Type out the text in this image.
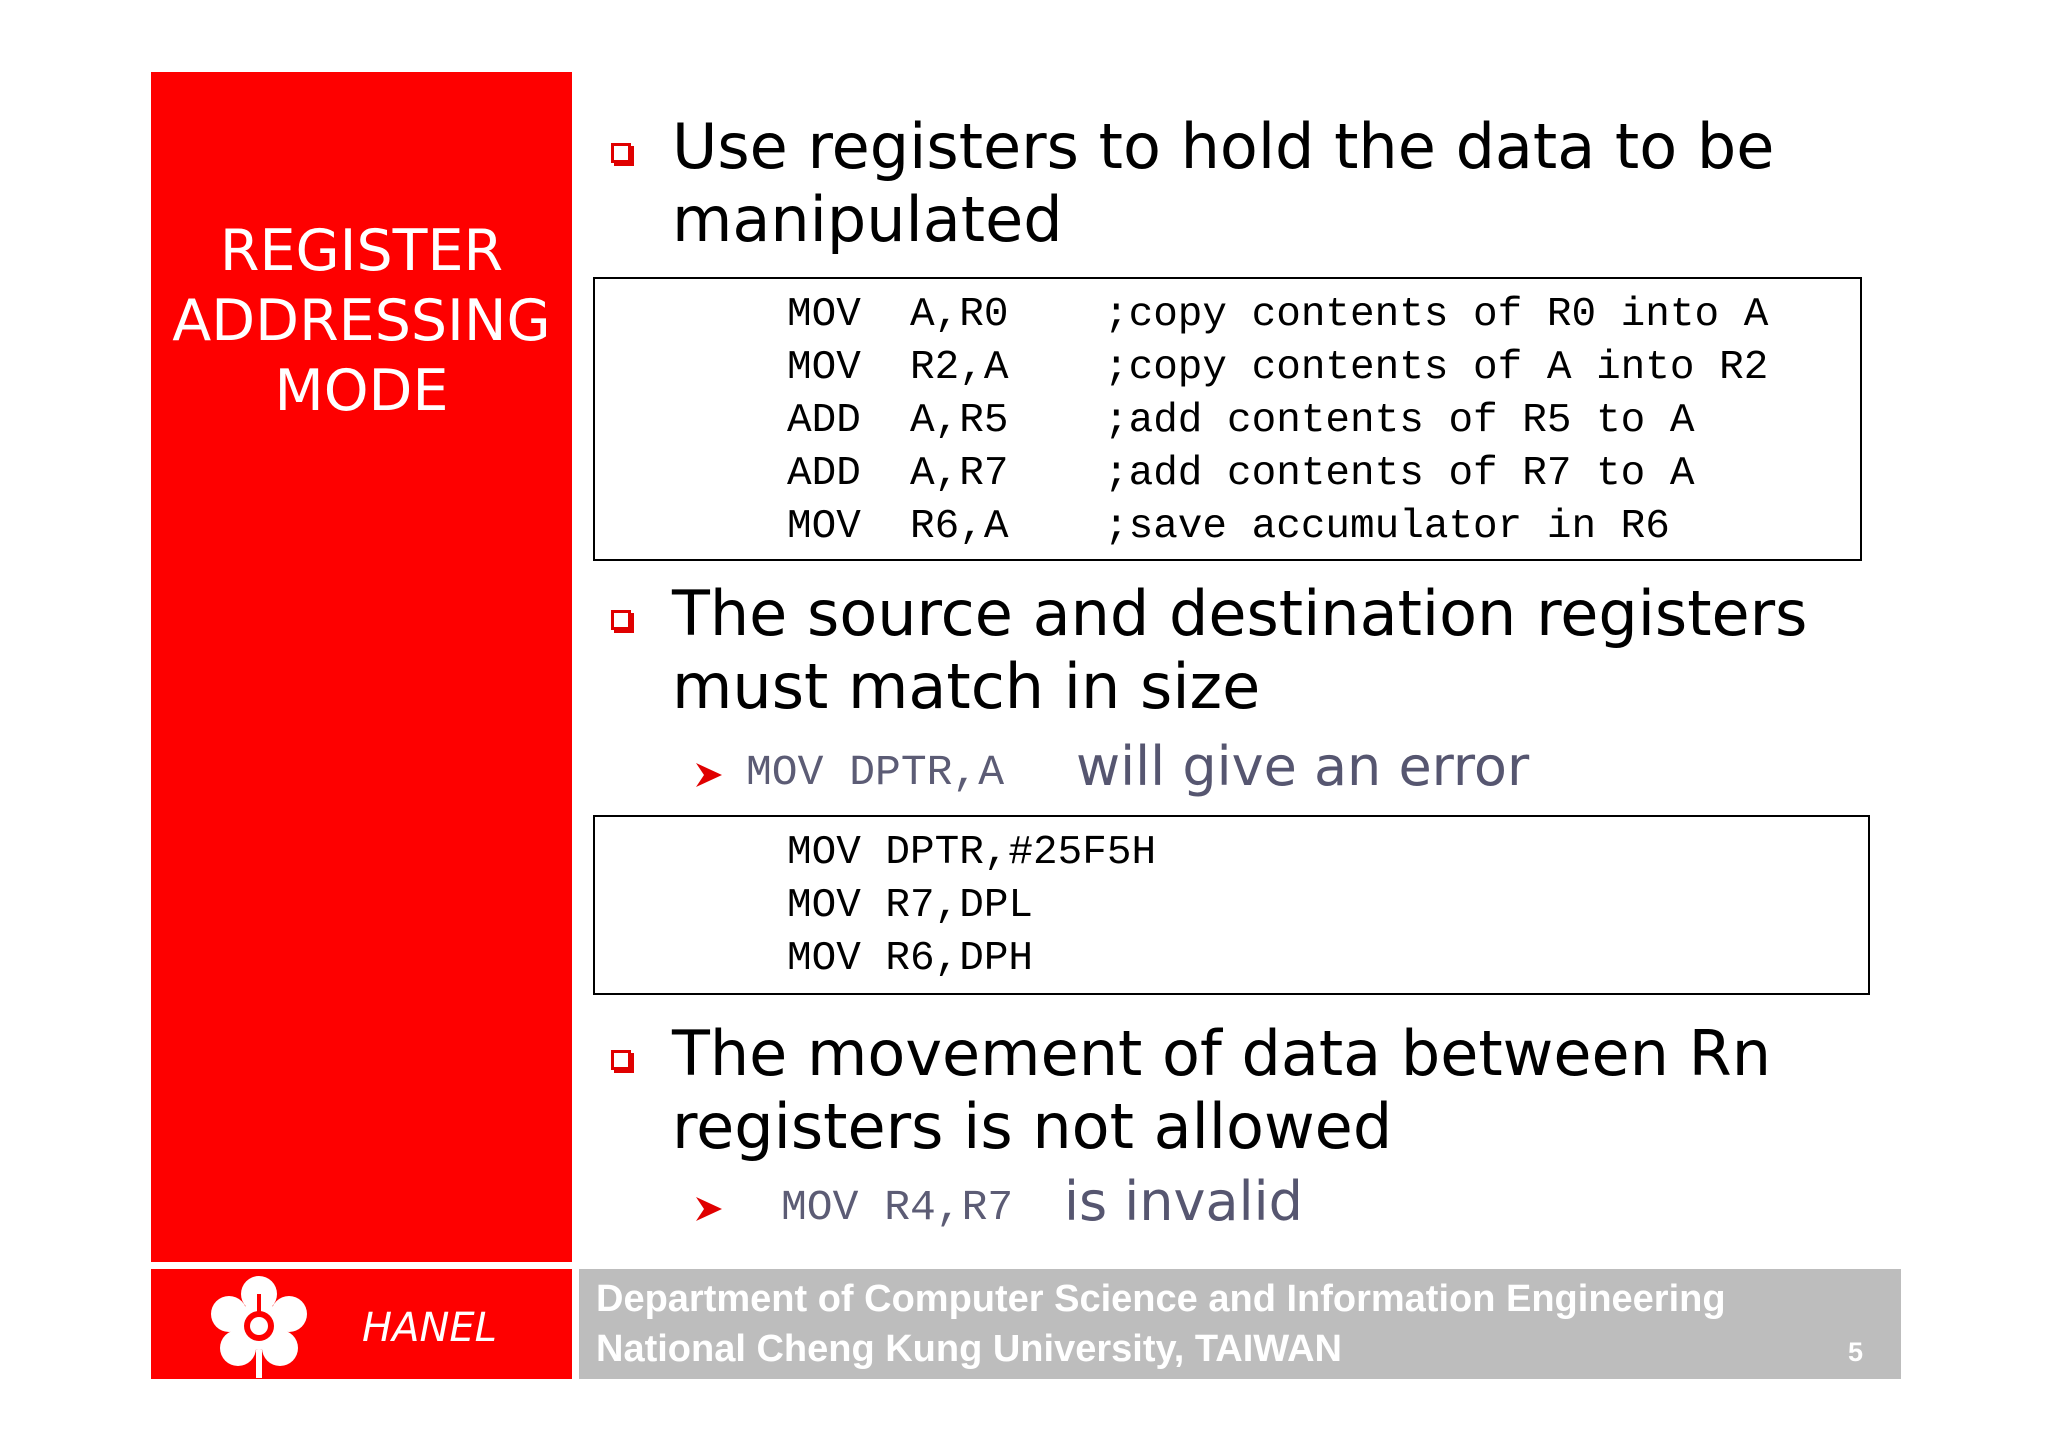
REGISTER
ADDRESSING
MODE
Use registers to hold the data to be
manipulated
MOV  A,R0 ;copy contents of R0 into A
MOV  R2,A ;copy contents of A into R2
ADD  A,R5 ;add contents of R5 to A
ADD  A,R7 ;add contents of R7 to A
MOV  R6,A ;save accumulator in R6
The source and destination registers
must match in size
MOV DPTR,A will give an error
MOV DPTR,#25F5H
MOV R7,DPL
MOV R6,DPH
The movement of data between Rn
registers is not allowed
MOV R4,R7 is invalid
HANEL
Department of Computer Science and Information Engineering
National Cheng Kung University, TAIWAN	5
